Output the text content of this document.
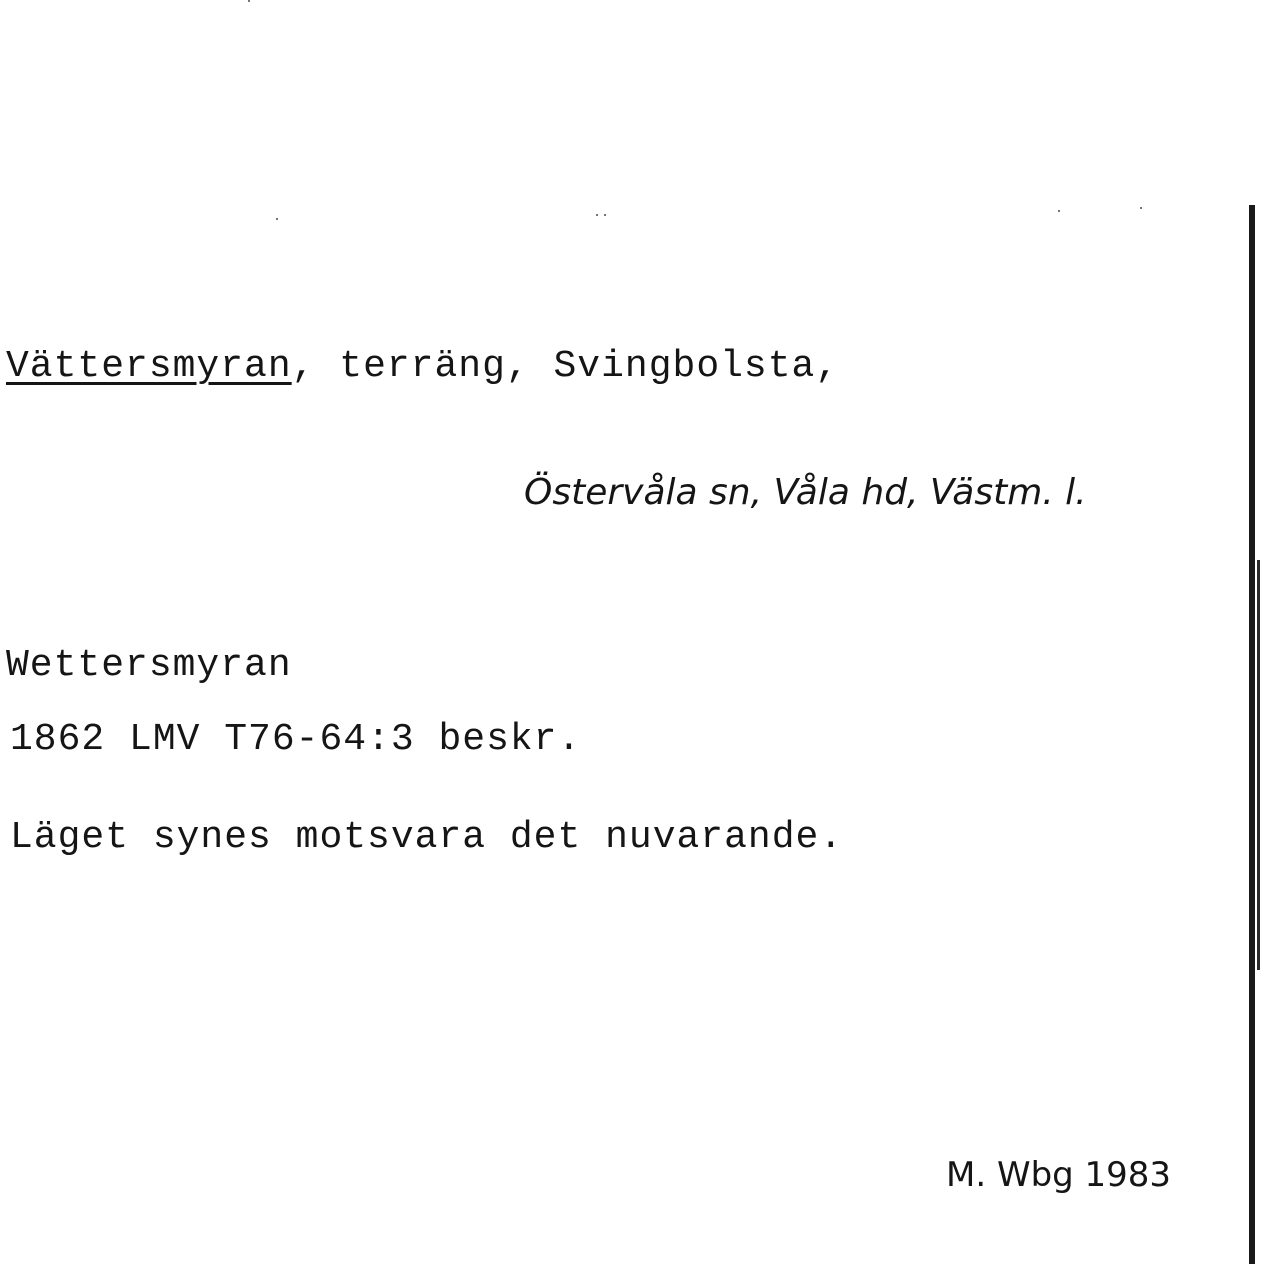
Vättersmyran, terräng, Svingbolsta,
Östervåla sn, Våla hd, Västm. l.
Wettersmyran
1862 LMV T76-64:3 beskr.
Läget synes motsvara det nuvarande.
M. Wbg 1983
